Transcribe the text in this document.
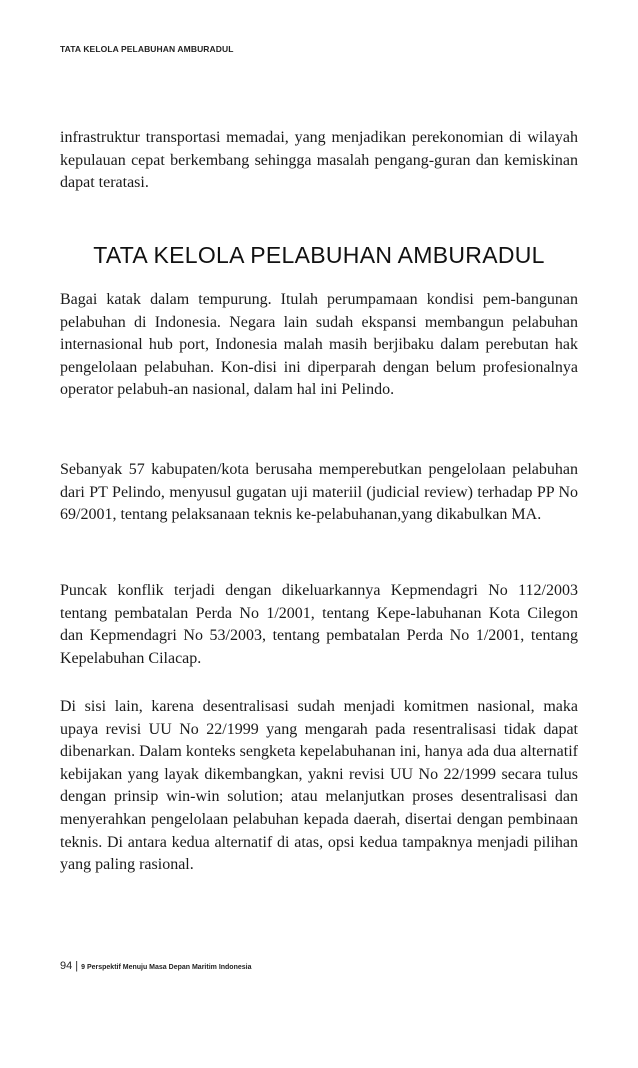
TATA KELOLA PELABUHAN AMBURADUL
infrastruktur transportasi memadai, yang menjadikan perekonomian di wilayah kepulauan cepat berkembang sehingga masalah pengang-guran dan kemiskinan dapat teratasi.
TATA KELOLA PELABUHAN AMBURADUL
Bagai katak dalam tempurung. Itulah perumpamaan kondisi pem-bangunan pelabuhan di Indonesia. Negara lain sudah ekspansi membangun pelabuhan internasional hub port, Indonesia malah masih berjibaku dalam perebutan hak pengelolaan pelabuhan. Kon-disi ini diperparah dengan belum profesionalnya operator pelabuh-an nasional, dalam hal ini Pelindo.
Sebanyak 57 kabupaten/kota berusaha memperebutkan pengelolaan pelabuhan dari PT Pelindo, menyusul gugatan uji materiil (judicial review) terhadap PP No 69/2001, tentang pelaksanaan teknis ke-pelabuhanan,yang dikabulkan MA.
Puncak konflik terjadi dengan dikeluarkannya Kepmendagri No 112/2003 tentang pembatalan Perda No 1/2001, tentang Kepe-labuhanan Kota Cilegon dan Kepmendagri No 53/2003, tentang pembatalan Perda No 1/2001, tentang Kepelabuhan Cilacap.
Di sisi lain, karena desentralisasi sudah menjadi komitmen nasional, maka upaya revisi UU No 22/1999 yang mengarah pada resentralisasi tidak dapat dibenarkan. Dalam konteks sengketa kepelabuhanan ini, hanya ada dua alternatif kebijakan yang layak dikembangkan, yakni revisi UU No 22/1999 secara tulus dengan prinsip win-win solution; atau melanjutkan proses desentralisasi dan menyerahkan pengelolaan pelabuhan kepada daerah, disertai dengan pembinaan teknis. Di antara kedua alternatif di atas, opsi kedua tampaknya menjadi pilihan yang paling rasional.
94 | 9 Perspektif Menuju Masa Depan Maritim Indonesia
